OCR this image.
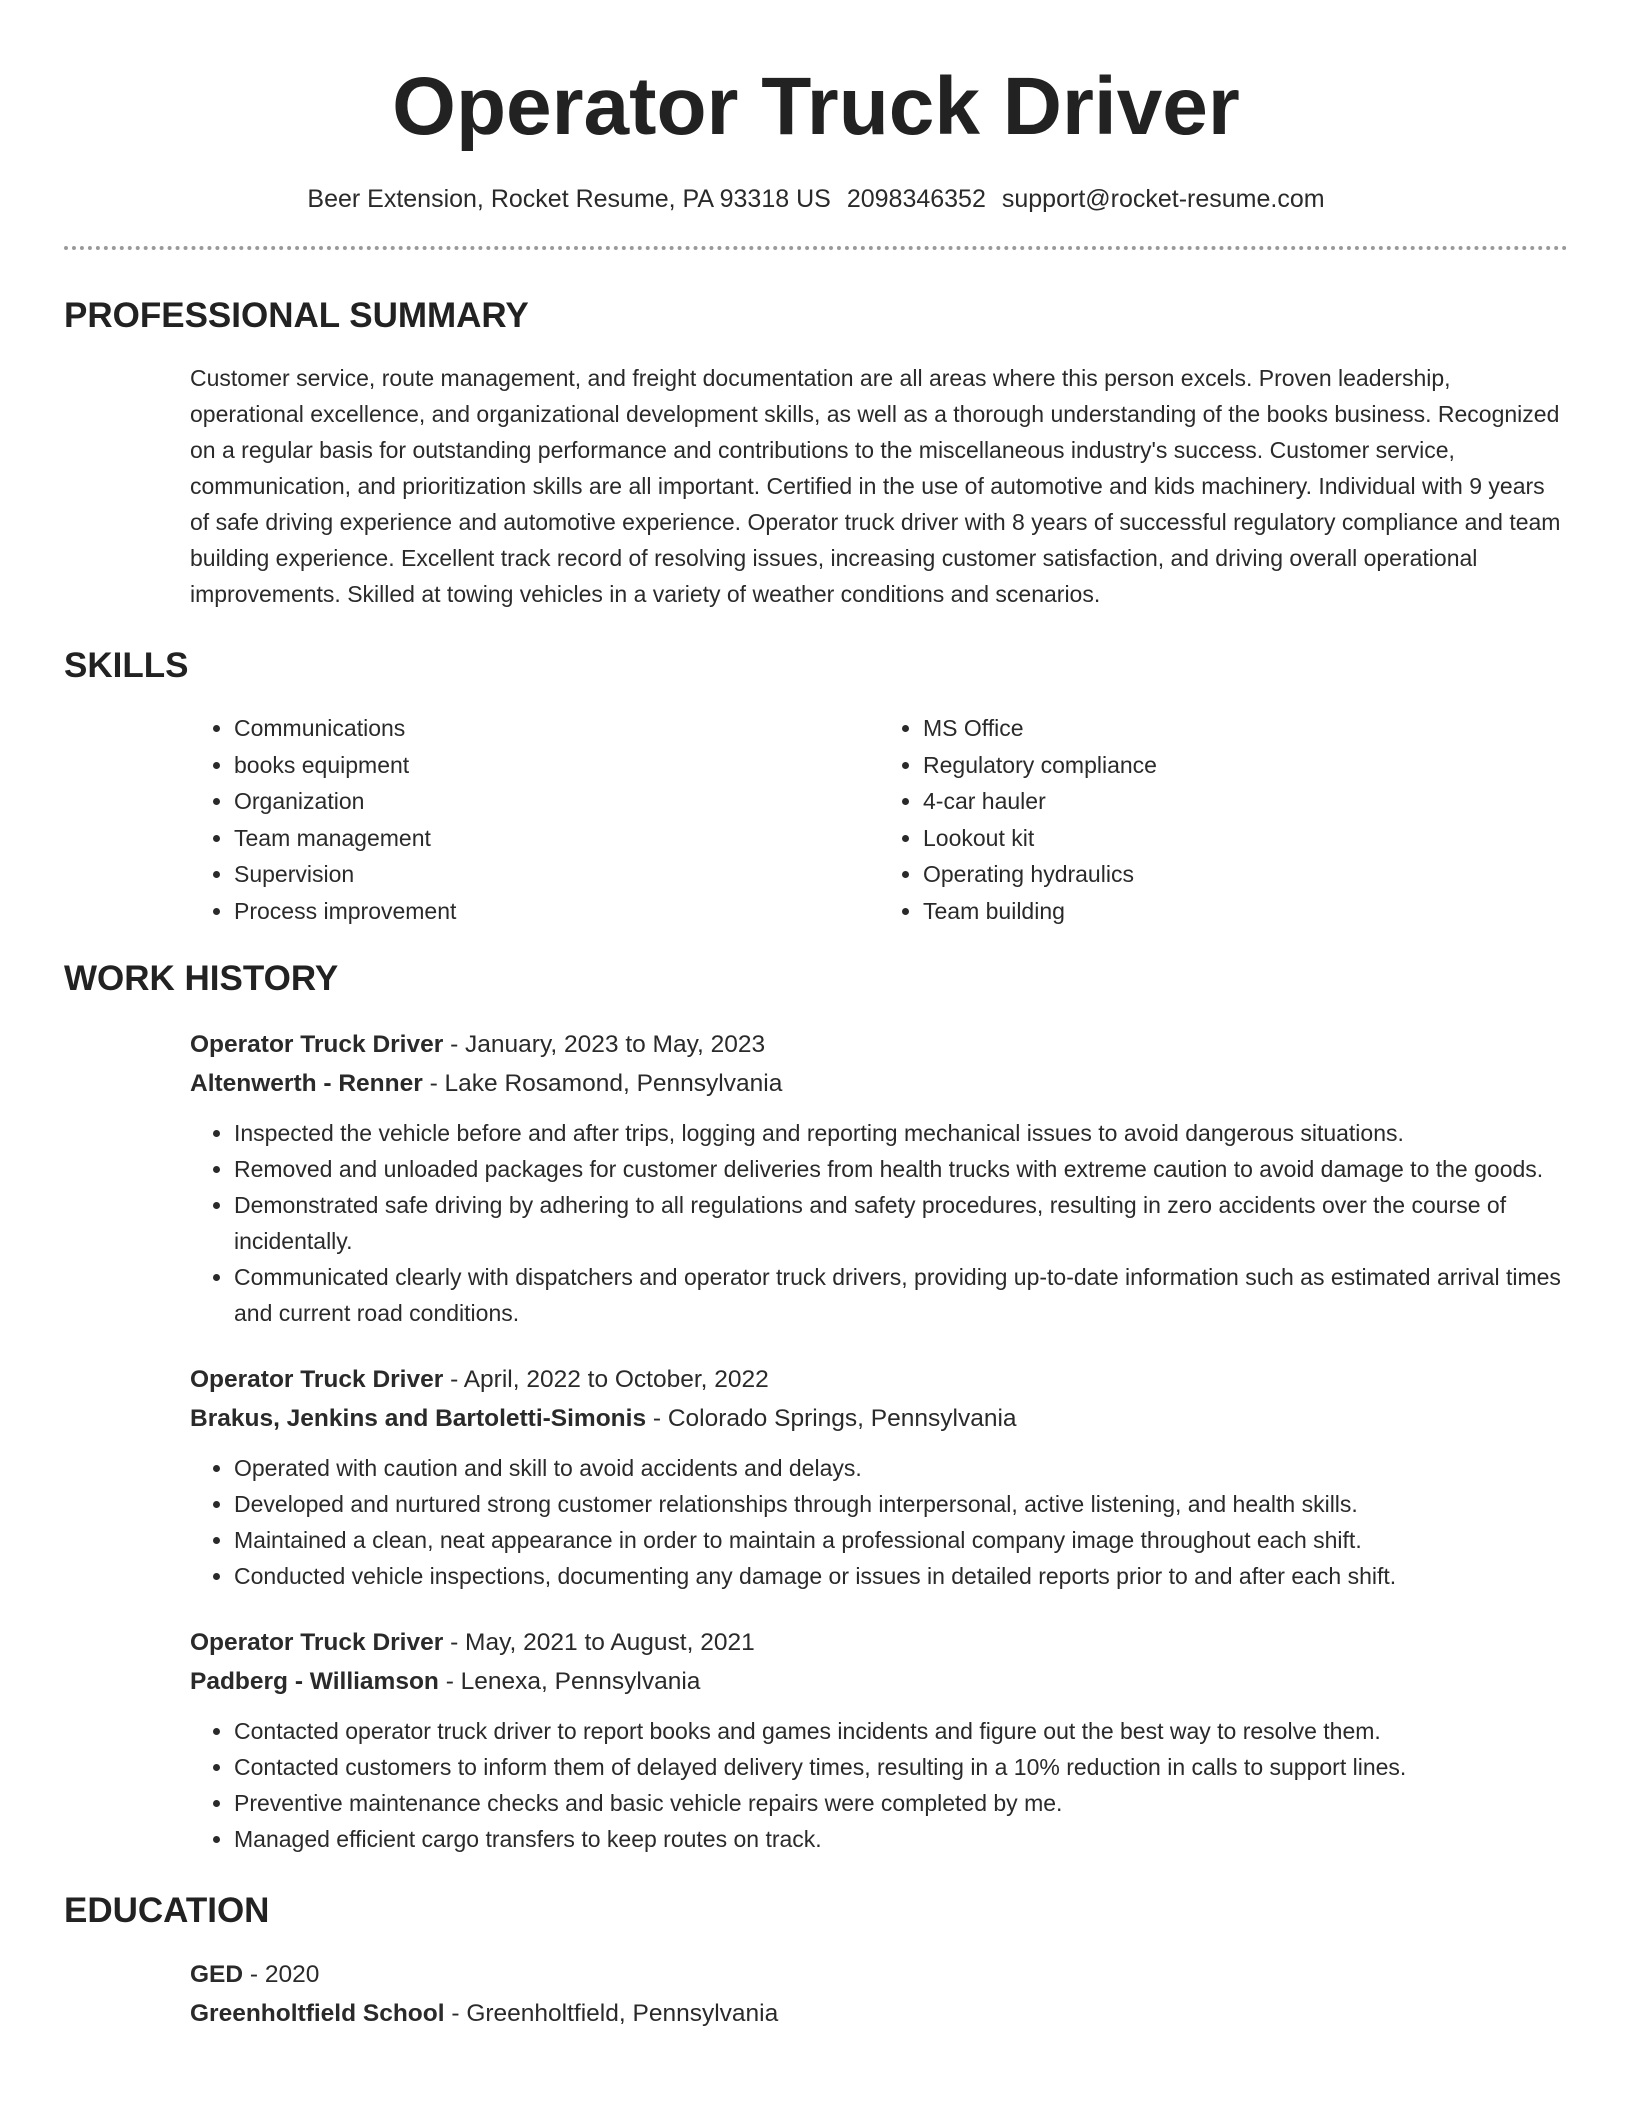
Operator Truck Driver
Beer Extension, Rocket Resume, PA 93318 US 2098346352 support@rocket-resume.com
PROFESSIONAL SUMMARY
Customer service, route management, and freight documentation are all areas where this person excels. Proven leadership, operational excellence, and organizational development skills, as well as a thorough understanding of the books business. Recognized on a regular basis for outstanding performance and contributions to the miscellaneous industry's success. Customer service, communication, and prioritization skills are all important. Certified in the use of automotive and kids machinery. Individual with 9 years of safe driving experience and automotive experience. Operator truck driver with 8 years of successful regulatory compliance and team building experience. Excellent track record of resolving issues, increasing customer satisfaction, and driving overall operational improvements. Skilled at towing vehicles in a variety of weather conditions and scenarios.
SKILLS
• Communications
• books equipment
• Organization
• Team management
• Supervision
• Process improvement
• MS Office
• Regulatory compliance
• 4-car hauler
• Lookout kit
• Operating hydraulics
• Team building
WORK HISTORY
Operator Truck Driver - January, 2023 to May, 2023
Altenwerth - Renner - Lake Rosamond, Pennsylvania
• Inspected the vehicle before and after trips, logging and reporting mechanical issues to avoid dangerous situations.
• Removed and unloaded packages for customer deliveries from health trucks with extreme caution to avoid damage to the goods.
• Demonstrated safe driving by adhering to all regulations and safety procedures, resulting in zero accidents over the course of incidentally.
• Communicated clearly with dispatchers and operator truck drivers, providing up-to-date information such as estimated arrival times and current road conditions.
Operator Truck Driver - April, 2022 to October, 2022
Brakus, Jenkins and Bartoletti-Simonis - Colorado Springs, Pennsylvania
• Operated with caution and skill to avoid accidents and delays.
• Developed and nurtured strong customer relationships through interpersonal, active listening, and health skills.
• Maintained a clean, neat appearance in order to maintain a professional company image throughout each shift.
• Conducted vehicle inspections, documenting any damage or issues in detailed reports prior to and after each shift.
Operator Truck Driver - May, 2021 to August, 2021
Padberg - Williamson - Lenexa, Pennsylvania
• Contacted operator truck driver to report books and games incidents and figure out the best way to resolve them.
• Contacted customers to inform them of delayed delivery times, resulting in a 10% reduction in calls to support lines.
• Preventive maintenance checks and basic vehicle repairs were completed by me.
• Managed efficient cargo transfers to keep routes on track.
EDUCATION
GED - 2020
Greenholtfield School - Greenholtfield, Pennsylvania
